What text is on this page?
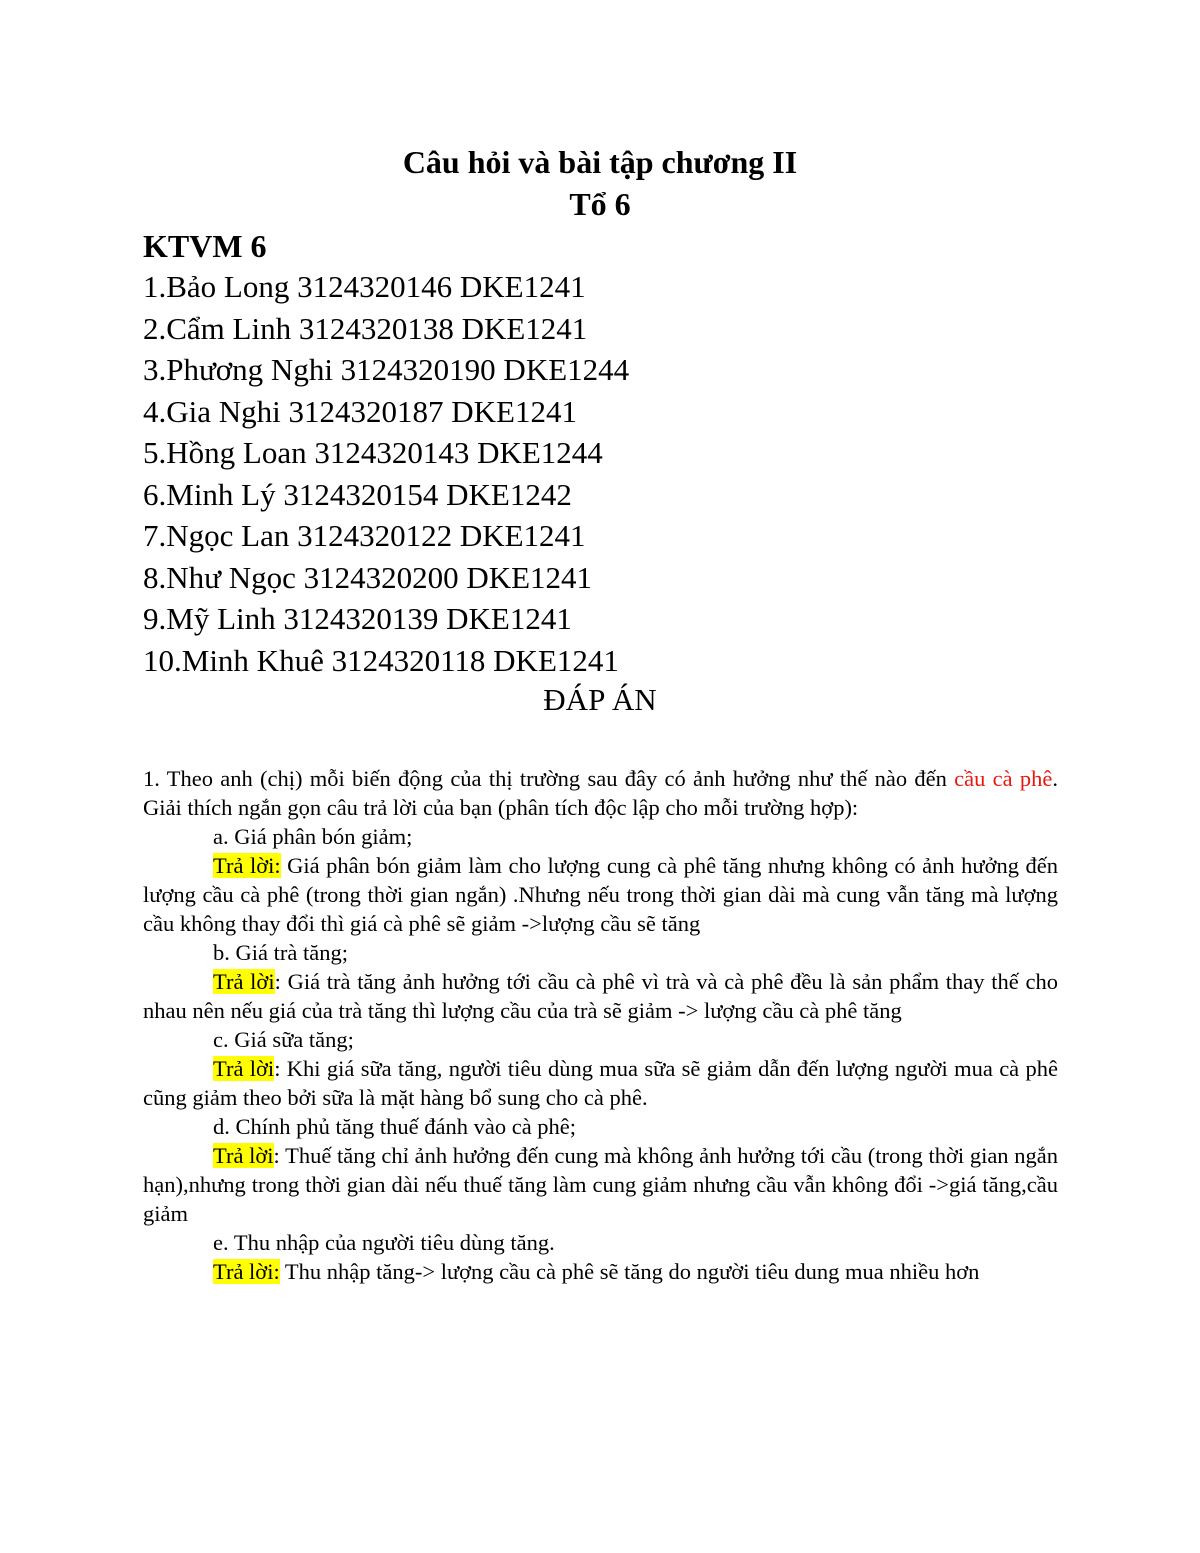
Câu hỏi và bài tập chương II
Tổ 6
KTVM 6
1.Bảo Long 3124320146 DKE1241
2.Cẩm Linh 3124320138 DKE1241
3.Phương Nghi 3124320190 DKE1244
4.Gia Nghi 3124320187 DKE1241
5.Hồng Loan 3124320143 DKE1244
6.Minh Lý 3124320154 DKE1242
7.Ngọc Lan 3124320122 DKE1241
8.Như Ngọc 3124320200 DKE1241
9.Mỹ Linh 3124320139 DKE1241
10.Minh Khuê 3124320118 DKE1241
ĐÁP ÁN

1. Theo anh (chị) mỗi biến động của thị trường sau đây có ảnh hưởng như thế nào đến cầu cà phê. Giải thích ngắn gọn câu trả lời của bạn (phân tích độc lập cho mỗi trường hợp):

a. Giá phân bón giảm;

Trả lời: Giá phân bón giảm làm cho lượng cung cà phê tăng nhưng không có ảnh hưởng đến lượng cầu cà phê (trong thời gian ngắn) .Nhưng nếu trong thời gian dài mà cung vẫn tăng mà lượng cầu không thay đổi thì giá cà phê sẽ giảm ->lượng cầu sẽ tăng

b. Giá trà tăng;

Trả lời: Giá trà tăng ảnh hưởng tới cầu cà phê vì trà và cà phê đều là sản phẩm thay thế cho nhau nên nếu giá của trà tăng thì lượng cầu của trà sẽ giảm -> lượng cầu cà phê tăng

c. Giá sữa tăng;

Trả lời: Khi giá sữa tăng, người tiêu dùng mua sữa sẽ giảm dẫn đến lượng người mua cà phê cũng giảm theo bởi sữa là mặt hàng bổ sung cho cà phê.

d. Chính phủ tăng thuế đánh vào cà phê;

Trả lời: Thuế tăng chỉ ảnh hưởng đến cung mà không ảnh hưởng tới cầu (trong thời gian ngắn hạn),nhưng trong thời gian dài nếu thuế tăng làm cung giảm nhưng cầu vẫn không đổi ->giá tăng,cầu giảm

e. Thu nhập của người tiêu dùng tăng.

Trả lời: Thu nhập tăng-> lượng cầu cà phê sẽ tăng do người tiêu dung mua nhiều hơn
